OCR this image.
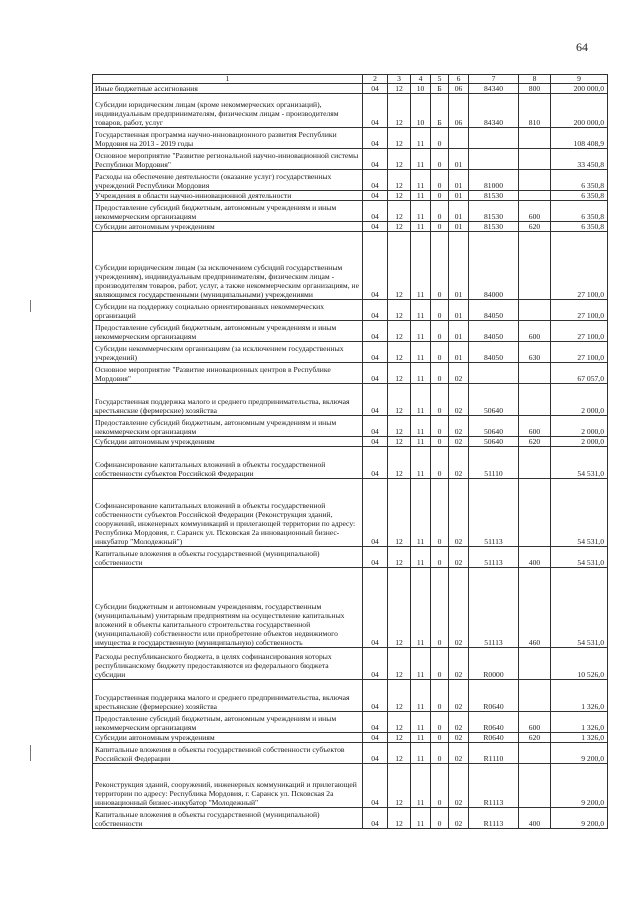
64
1	2	3	4	5	6	7	8	9
Иные бюджетные ассигнования	04	12	10	Б	06	84340	800	200 000,0
Субсидии юридическим лицам (кроме некоммерческих организаций), индивидуальным предпринимателям, физическим лицам - производителям товаров, работ, услуг	04	12	10	Б	06	84340	810	200 000,0
Государственная программа научно-инновационного развития Республики Мордовия на 2013 - 2019 годы	04	12	11	0				108 408,9
Основное мероприятие "Развитие региональной научно-инновационной системы Республики Мордовия"	04	12	11	0	01			33 450,8
Расходы на обеспечение деятельности (оказание услуг) государственных учреждений Республики Мордовия	04	12	11	0	01	81000		6 350,8
Учреждения в области научно-инновационной деятельности	04	12	11	0	01	81530		6 350,8
Предоставление субсидий бюджетным, автономным учреждениям и иным некоммерческим организациям	04	12	11	0	01	81530	600	6 350,8
Субсидии автономным учреждениям	04	12	11	0	01	81530	620	6 350,8
Субсидии юридическим лицам (за исключением субсидий государственным учреждениям), индивидуальным предпринимателям, физическим лицам - производителям товаров, работ, услуг, а также некоммерческим организациям, не являющимся государственными (муниципальными) учреждениями	04	12	11	0	01	84000		27 100,0
Субсидии на поддержку социально ориентированных некоммерческих организаций	04	12	11	0	01	84050		27 100,0
Предоставление субсидий бюджетным, автономным учреждениям и иным некоммерческим организациям	04	12	11	0	01	84050	600	27 100,0
Субсидии некоммерческим организациям (за исключением государственных учреждений)	04	12	11	0	01	84050	630	27 100,0
Основное мероприятие "Развитие инновационных центров в Республике Мордовия"	04	12	11	0	02			67 057,0
Государственная поддержка малого и среднего предпринимательства, включая крестьянские (фермерские) хозяйства	04	12	11	0	02	50640		2 000,0
Предоставление субсидий бюджетным, автономным учреждениям и иным некоммерческим организациям	04	12	11	0	02	50640	600	2 000,0
Субсидии автономным учреждениям	04	12	11	0	02	50640	620	2 000,0
Софинансирование капитальных вложений в объекты государственной собственности субъектов Российской Федерации	04	12	11	0	02	51110		54 531,0
Софинансирование капитальных вложений в объекты государственной собственности субъектов Российской Федерации (Реконструкция зданий, сооружений, инженерных коммуникаций и прилегающей территории по адресу: Республика Мордовия, г. Саранск ул. Псковская 2а инновационный бизнес-инкубатор "Молодежный")	04	12	11	0	02	51113		54 531,0
Капитальные вложения в объекты государственной (муниципальной) собственности	04	12	11	0	02	51113	400	54 531,0
Субсидии бюджетным и автономным учреждениям, государственным (муниципальным) унитарным предприятиям на осуществление капитальных вложений в объекты капитального строительства государственной (муниципальной) собственности или приобретение объектов недвижимого имущества в государственную (муниципальную) собственность	04	12	11	0	02	51113	460	54 531,0
Расходы республиканского бюджета, в целях софинансирования которых республиканскому бюджету предоставляются из федерального бюджета субсидии	04	12	11	0	02	R0000		10 526,0
Государственная поддержка малого и среднего предпринимательства, включая крестьянские (фермерские) хозяйства	04	12	11	0	02	R0640		1 326,0
Предоставление субсидий бюджетным, автономным учреждениям и иным некоммерческим организациям	04	12	11	0	02	R0640	600	1 326,0
Субсидии автономным учреждениям	04	12	11	0	02	R0640	620	1 326,0
Капитальные вложения в объекты государственной собственности субъектов Российской Федерации	04	12	11	0	02	R1110		9 200,0
Реконструкция зданий, сооружений, инженерных коммуникаций и прилегающей территории по адресу: Республика Мордовия, г. Саранск ул. Псковская 2а инновационный бизнес-инкубатор "Молодежный"	04	12	11	0	02	R1113		9 200,0
Капитальные вложения в объекты государственной (муниципальной) собственности	04	12	11	0	02	R1113	400	9 200,0
